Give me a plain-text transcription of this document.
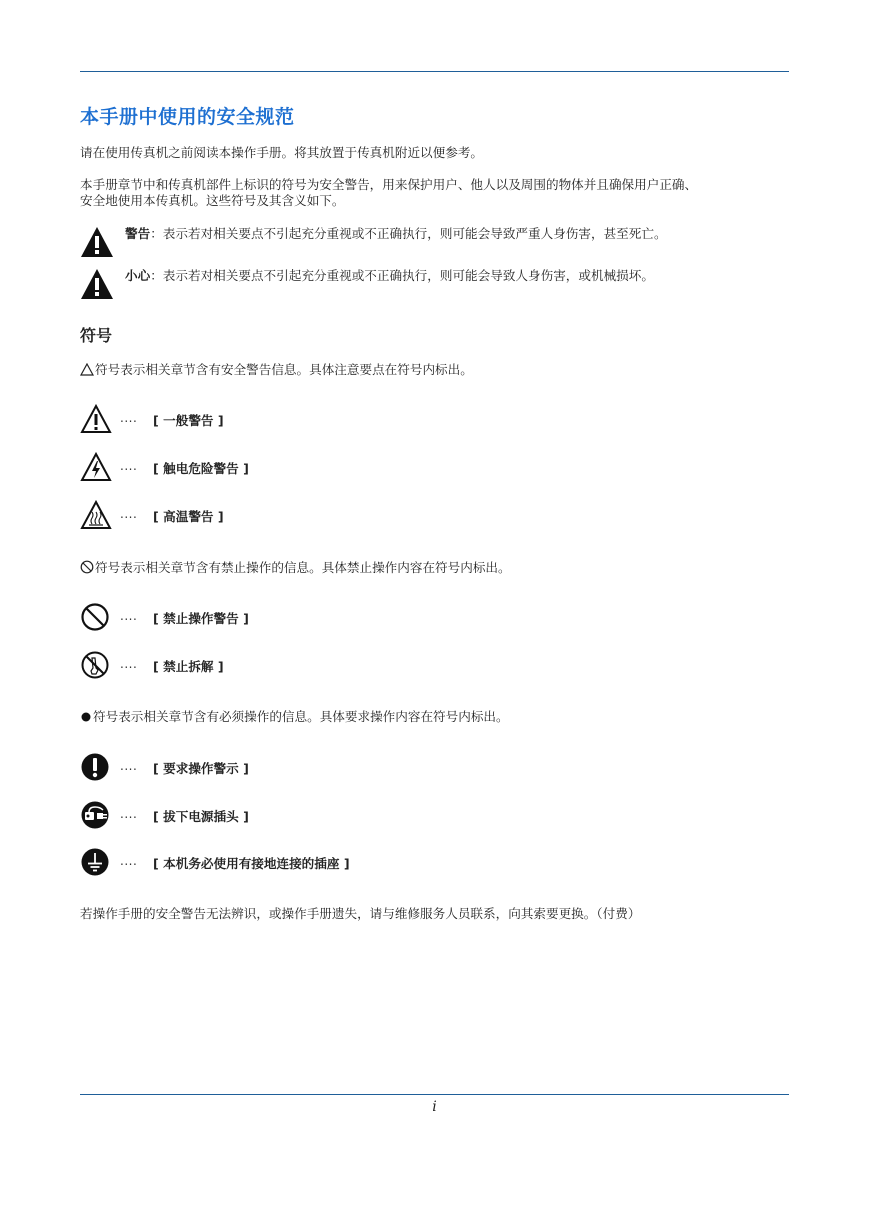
本手册中使用的安全规范

请在使用传真机之前阅读本操作手册。将其放置于传真机附近以便参考。

本手册章节中和传真机部件上标识的符号为安全警告，用来保护用户、他人以及周围的物体并且确保用户正确、
安全地使用本传真机。这些符号及其含义如下。

警告：表示若对相关要点不引起充分重视或不正确执行，则可能会导致严重人身伤害，甚至死亡。
小心：表示若对相关要点不引起充分重视或不正确执行，则可能会导致人身伤害，或机械损坏。
符号

符号表示相关章节含有安全警告信息。具体注意要点在符号内标出。

.... [ 一般警告 ]
.... [ 触电危险警告 ]
.... [ 高温警告 ]

符号表示相关章节含有禁止操作的信息。具体禁止操作内容在符号内标出。

.... [ 禁止操作警告 ]
.... [ 禁止拆解 ]

符号表示相关章节含有必须操作的信息。具体要求操作内容在符号内标出。

.... [ 要求操作警示 ]
.... [ 拔下电源插头 ]
.... [ 本机务必使用有接地连接的插座 ]

若操作手册的安全警告无法辨识，或操作手册遗失，请与维修服务人员联系，向其索要更换。（付费）

i
